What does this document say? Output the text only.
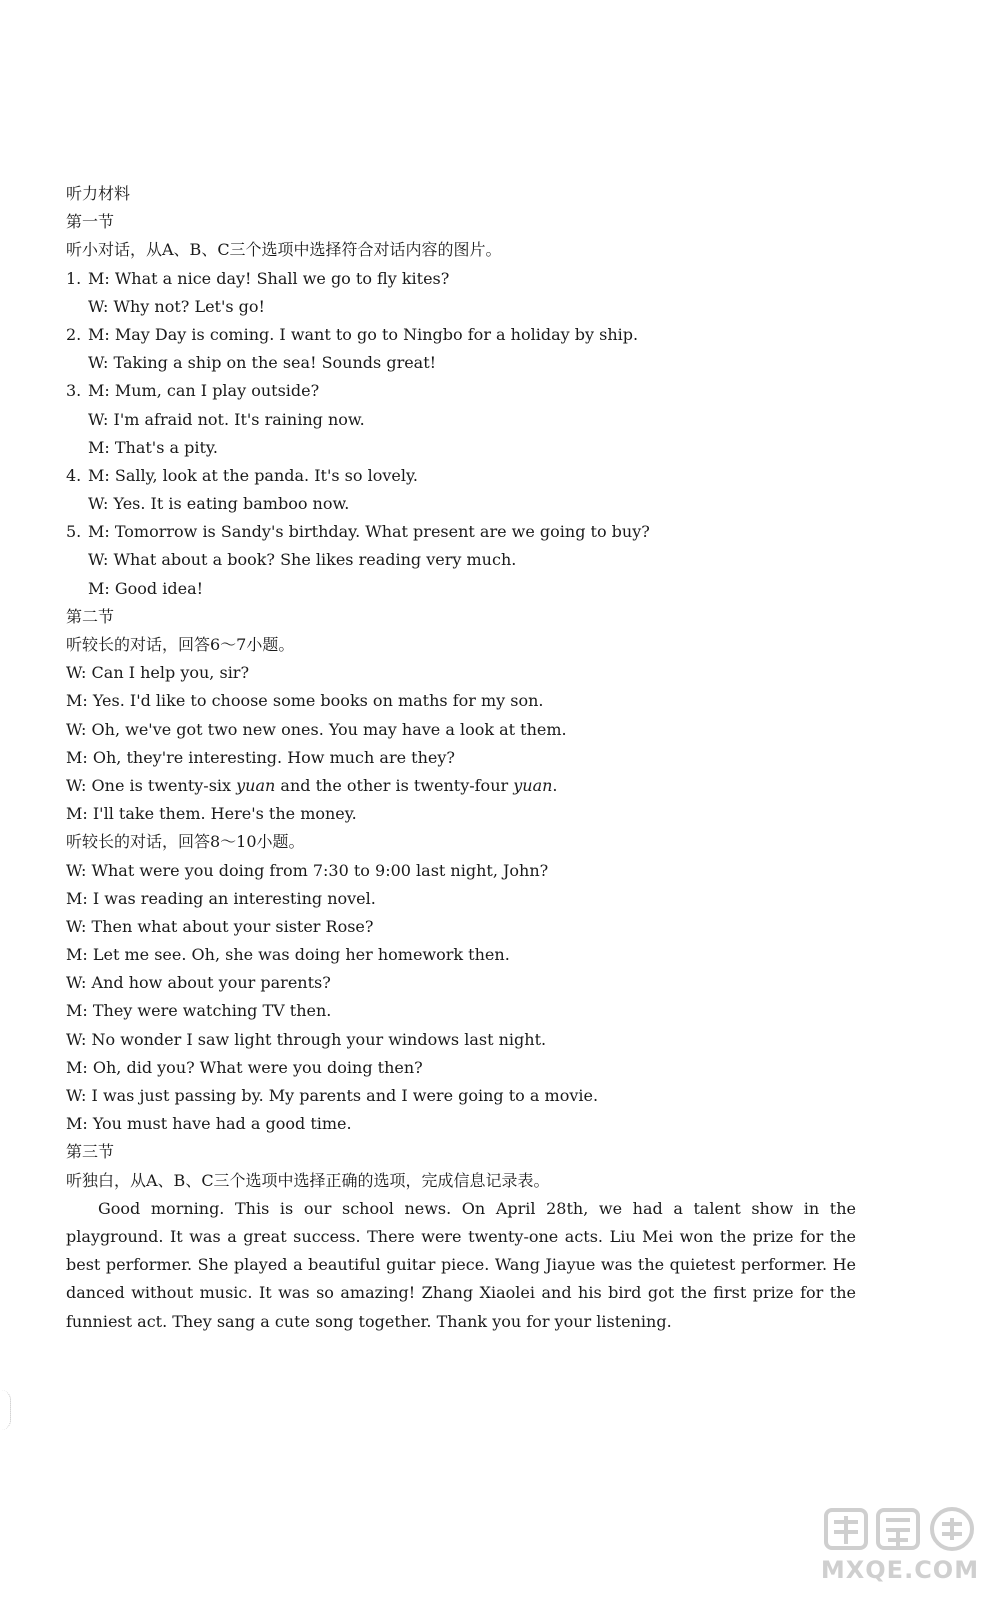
听力材料
第一节
听小对话，从A、B、C三个选项中选择符合对话内容的图片。
1. M: What a nice day! Shall we go to fly kites?
W: Why not? Let's go!
2. M: May Day is coming. I want to go to Ningbo for a holiday by ship.
W: Taking a ship on the sea! Sounds great!
3. M: Mum, can I play outside?
W: I'm afraid not. It's raining now.
M: That's a pity.
4. M: Sally, look at the panda. It's so lovely.
W: Yes. It is eating bamboo now.
5. M: Tomorrow is Sandy's birthday. What present are we going to buy?
W: What about a book? She likes reading very much.
M: Good idea!
第二节
听较长的对话，回答6～7小题。
W: Can I help you, sir?
M: Yes. I'd like to choose some books on maths for my son.
W: Oh, we've got two new ones. You may have a look at them.
M: Oh, they're interesting. How much are they?
W: One is twenty-six yuan and the other is twenty-four yuan.
M: I'll take them. Here's the money.
听较长的对话，回答8～10小题。
W: What were you doing from 7:30 to 9:00 last night, John?
M: I was reading an interesting novel.
W: Then what about your sister Rose?
M: Let me see. Oh, she was doing her homework then.
W: And how about your parents?
M: They were watching TV then.
W: No wonder I saw light through your windows last night.
M: Oh, did you? What were you doing then?
W: I was just passing by. My parents and I were going to a movie.
M: You must have had a good time.
第三节
听独白，从A、B、C三个选项中选择正确的选项，完成信息记录表。

Good morning. This is our school news. On April 28th, we had a talent show in the playground. It was a great success. There were twenty-one acts. Liu Mei won the prize for the best performer. She played a beautiful guitar piece. Wang Jiayue was the quietest performer. He danced without music. It was so amazing! Zhang Xiaolei and his bird got the first prize for the funniest act. They sang a cute song together. Thank you for your listening.

MXQE.COM
